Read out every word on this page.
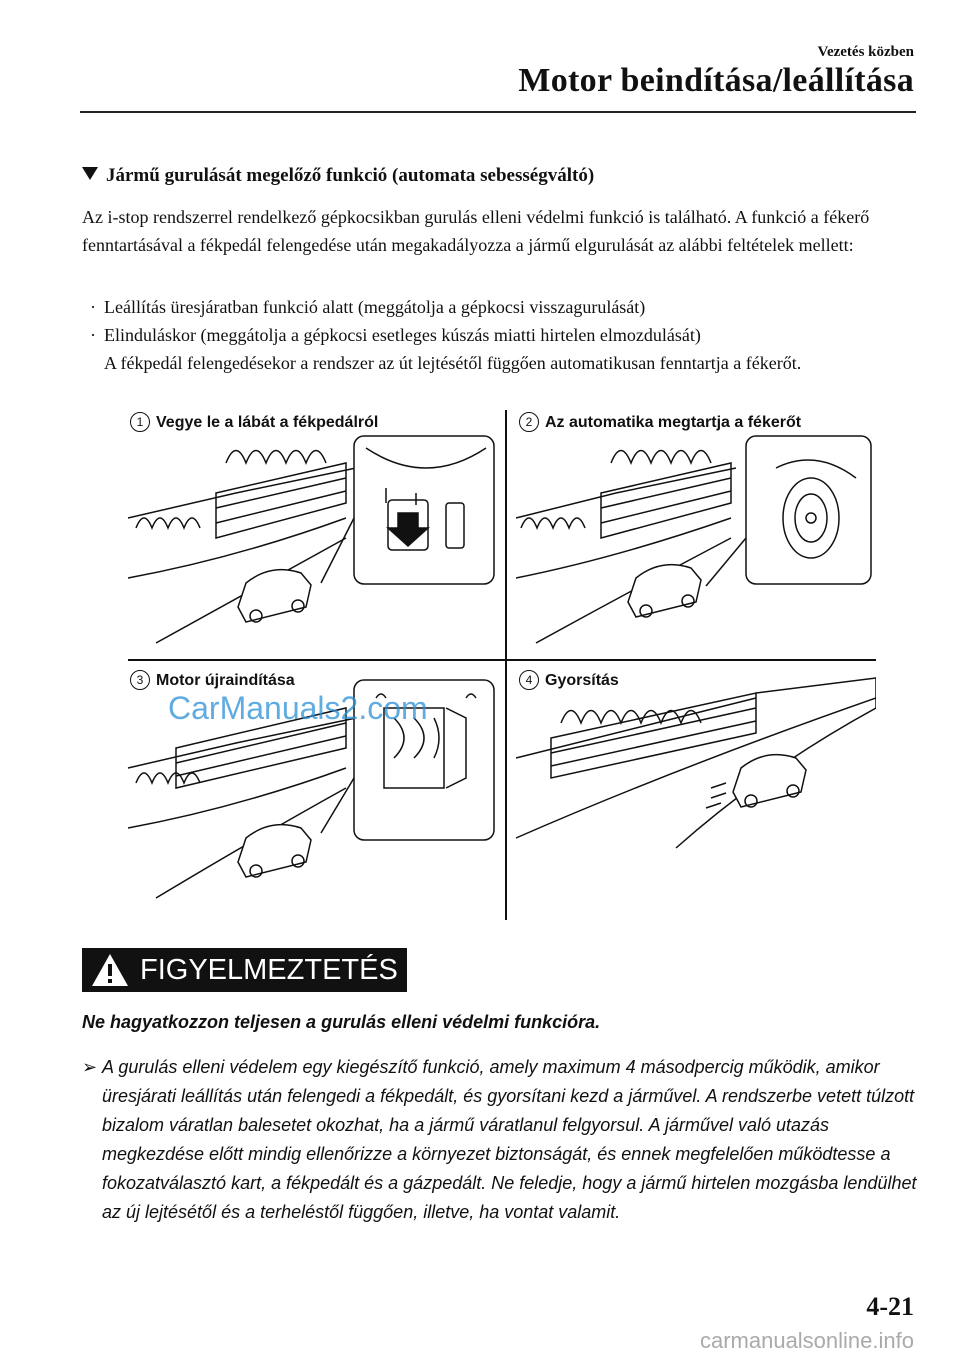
Vezetés közben
Motor beindítása/leállítása
Jármű gurulását megelőző funkció (automata sebességváltó)
Az i-stop rendszerrel rendelkező gépkocsikban gurulás elleni védelmi funkció is található. A funkció a fékerő fenntartásával a fékpedál felengedése után megakadályozza a jármű elgurulását az alábbi feltételek mellett:
· Leállítás üresjáratban funkció alatt (meggátolja a gépkocsi visszagurulását)
· Elinduláskor (meggátolja a gépkocsi esetleges kúszás miatti hirtelen elmozdulását)
A fékpedál felengedésekor a rendszer az út lejtésétől függően automatikusan fenntartja a fékerőt.
1 Vegye le a lábát a fékpedálról	2 Az automatika megtartja a fékerőt
3 Motor újraindítása	4 Gyorsítás
CarManuals2.com
FIGYELMEZTETÉS
Ne hagyatkozzon teljesen a gurulás elleni védelmi funkcióra.
➢ A gurulás elleni védelem egy kiegészítő funkció, amely maximum 4 másodpercig működik, amikor üresjárati leállítás után felengedi a fékpedált, és gyorsítani kezd a járművel. A rendszerbe vetett túlzott bizalom váratlan balesetet okozhat, ha a jármű váratlanul felgyorsul. A járművel való utazás megkezdése előtt mindig ellenőrizze a környezet biztonságát, és ennek megfelelően működtesse a fokozatválasztó kart, a fékpedált és a gázpedált. Ne feledje, hogy a jármű hirtelen mozgásba lendülhet az új lejtésétől és a terheléstől függően, illetve, ha vontat valamit.
4-21
carmanualsonline.info
